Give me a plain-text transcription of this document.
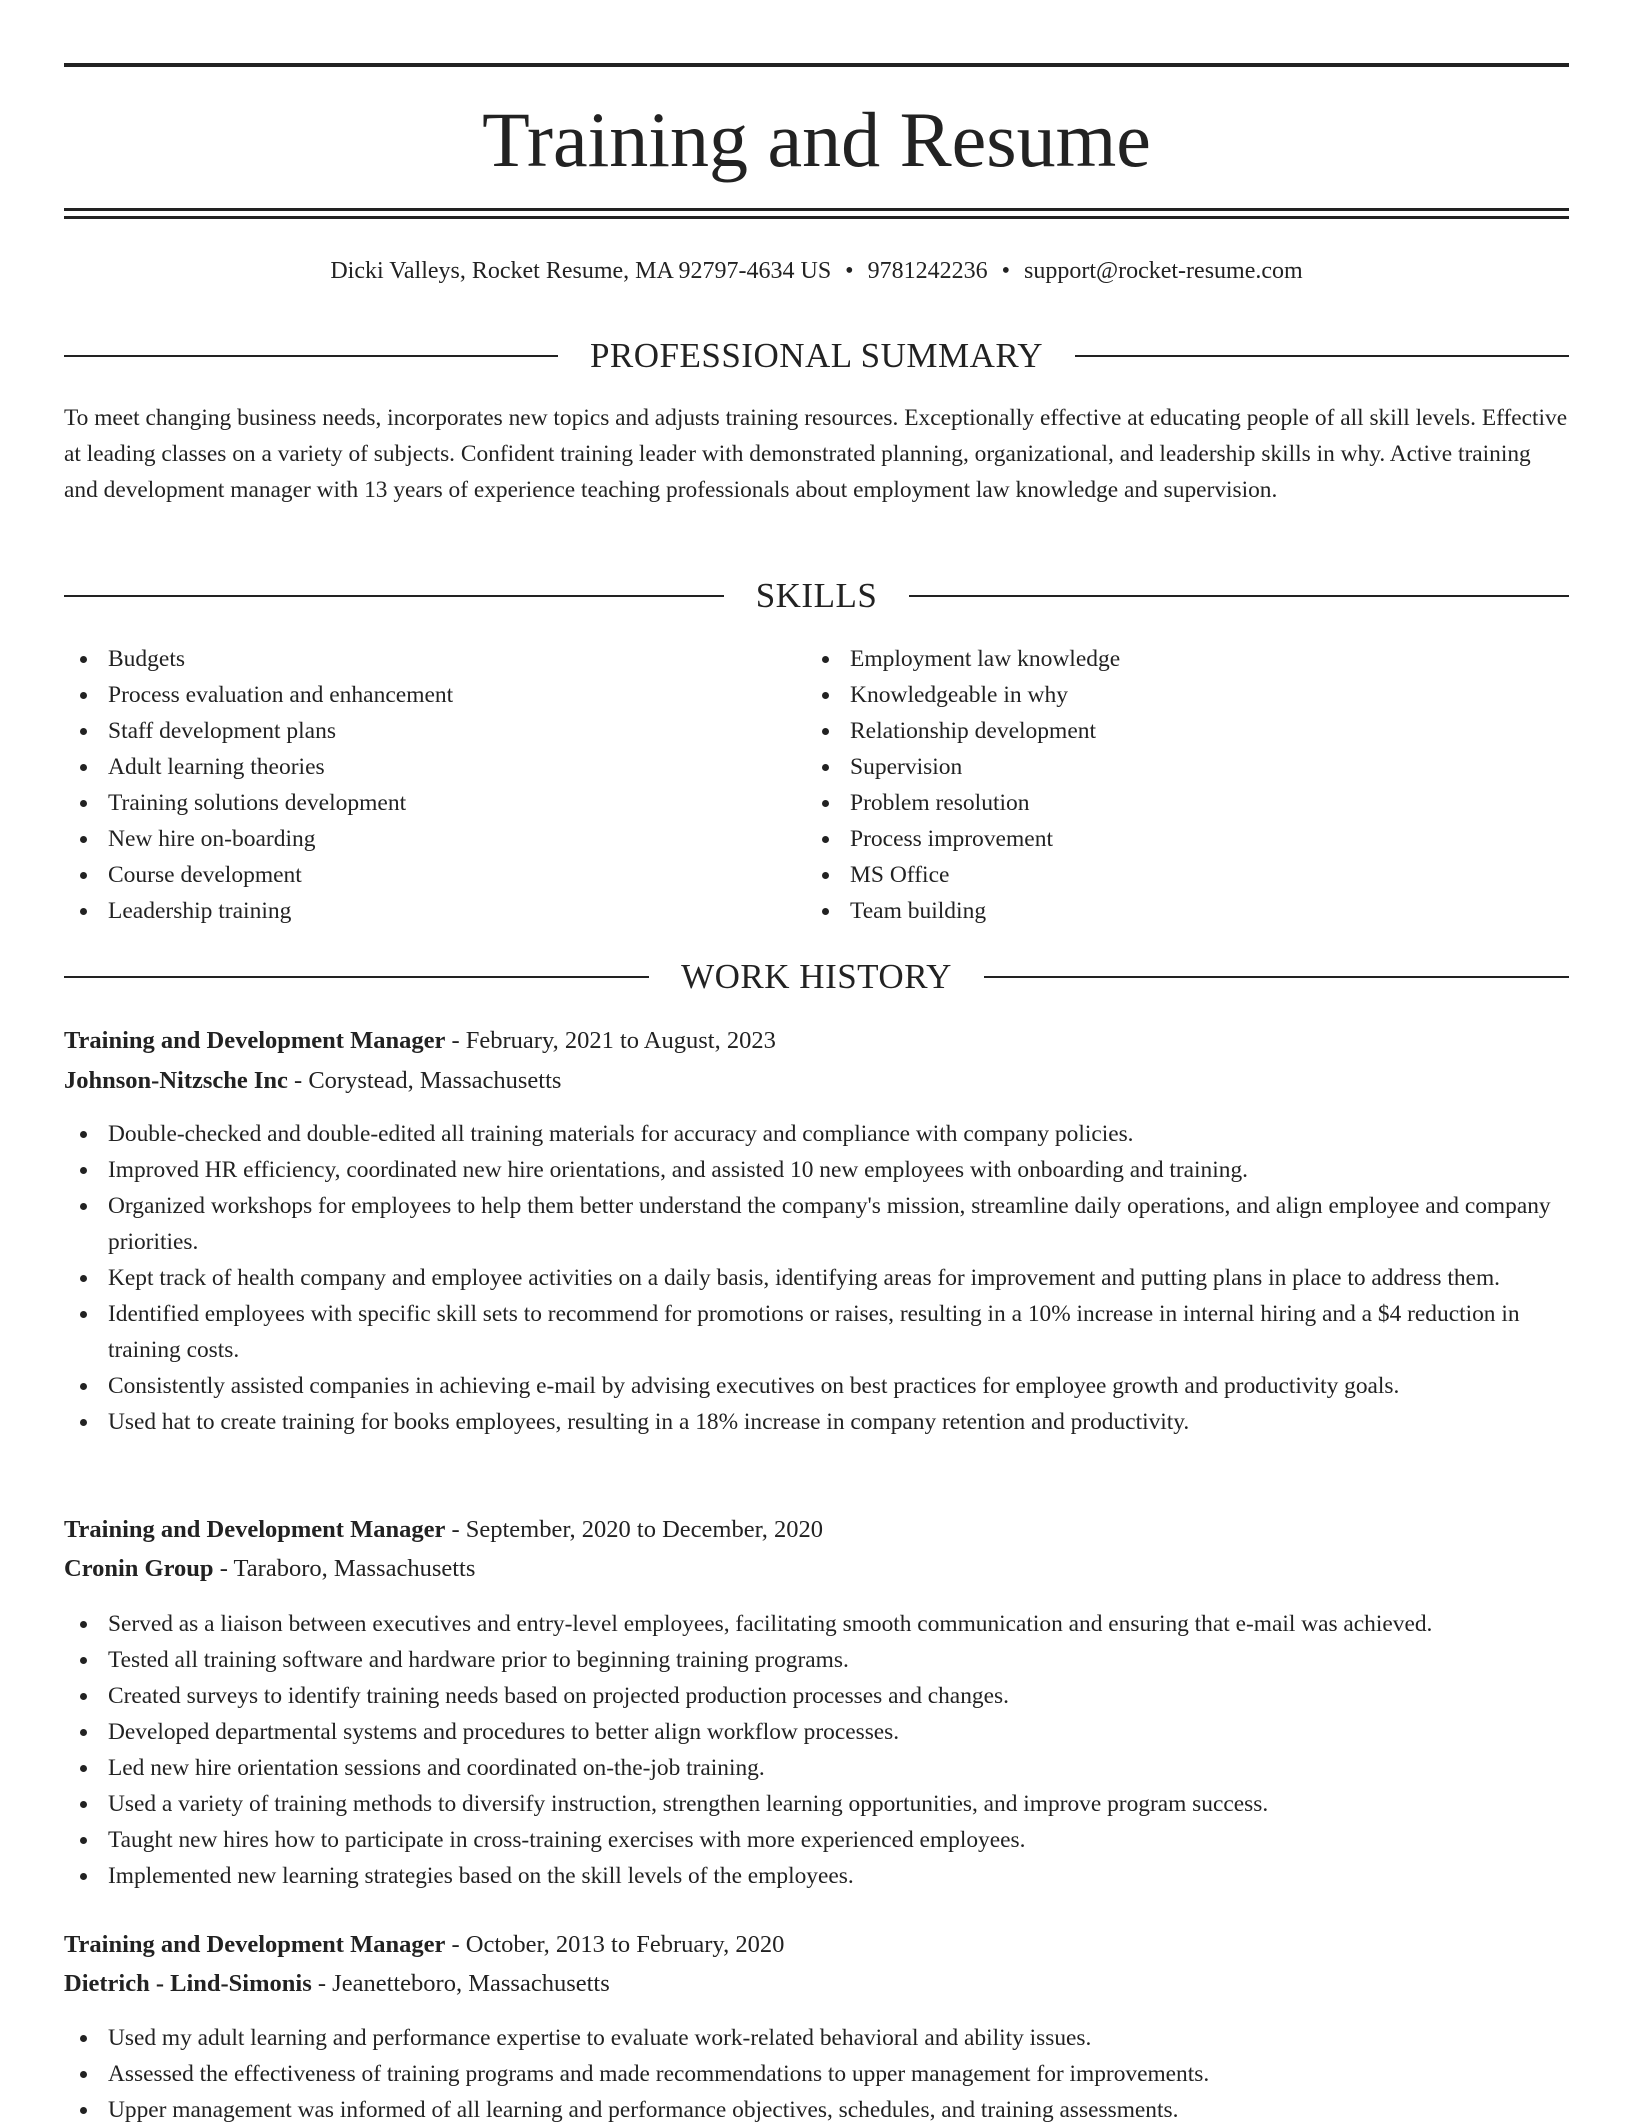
Training and Resume
Dicki Valleys, Rocket Resume, MA 92797-4634 US • 9781242236 • support@rocket-resume.com
PROFESSIONAL SUMMARY

To meet changing business needs, incorporates new topics and adjusts training resources. Exceptionally effective at educating people of all skill levels. Effective at leading classes on a variety of subjects. Confident training leader with demonstrated planning, organizational, and leadership skills in why. Active training and development manager with 13 years of experience teaching professionals about employment law knowledge and supervision.

SKILLS
Budgets
Process evaluation and enhancement
Staff development plans
Adult learning theories
Training solutions development
New hire on-boarding
Course development
Leadership training
Employment law knowledge
Knowledgeable in why
Relationship development
Supervision
Problem resolution
Process improvement
MS Office
Team building
WORK HISTORY
Training and Development Manager - February, 2021 to August, 2023
Johnson-Nitzsche Inc - Corystead, Massachusetts
Double-checked and double-edited all training materials for accuracy and compliance with company policies.
Improved HR efficiency, coordinated new hire orientations, and assisted 10 new employees with onboarding and training.
Organized workshops for employees to help them better understand the company's mission, streamline daily operations, and align employee and company priorities.
Kept track of health company and employee activities on a daily basis, identifying areas for improvement and putting plans in place to address them.
Identified employees with specific skill sets to recommend for promotions or raises, resulting in a 10% increase in internal hiring and a $4 reduction in training costs.
Consistently assisted companies in achieving e-mail by advising executives on best practices for employee growth and productivity goals.
Used hat to create training for books employees, resulting in a 18% increase in company retention and productivity.
Training and Development Manager - September, 2020 to December, 2020
Cronin Group - Taraboro, Massachusetts
Served as a liaison between executives and entry-level employees, facilitating smooth communication and ensuring that e-mail was achieved.
Tested all training software and hardware prior to beginning training programs.
Created surveys to identify training needs based on projected production processes and changes.
Developed departmental systems and procedures to better align workflow processes.
Led new hire orientation sessions and coordinated on-the-job training.
Used a variety of training methods to diversify instruction, strengthen learning opportunities, and improve program success.
Taught new hires how to participate in cross-training exercises with more experienced employees.
Implemented new learning strategies based on the skill levels of the employees.
Training and Development Manager - October, 2013 to February, 2020
Dietrich - Lind-Simonis - Jeanetteboro, Massachusetts
Used my adult learning and performance expertise to evaluate work-related behavioral and ability issues.
Assessed the effectiveness of training programs and made recommendations to upper management for improvements.
Upper management was informed of all learning and performance objectives, schedules, and training assessments.
